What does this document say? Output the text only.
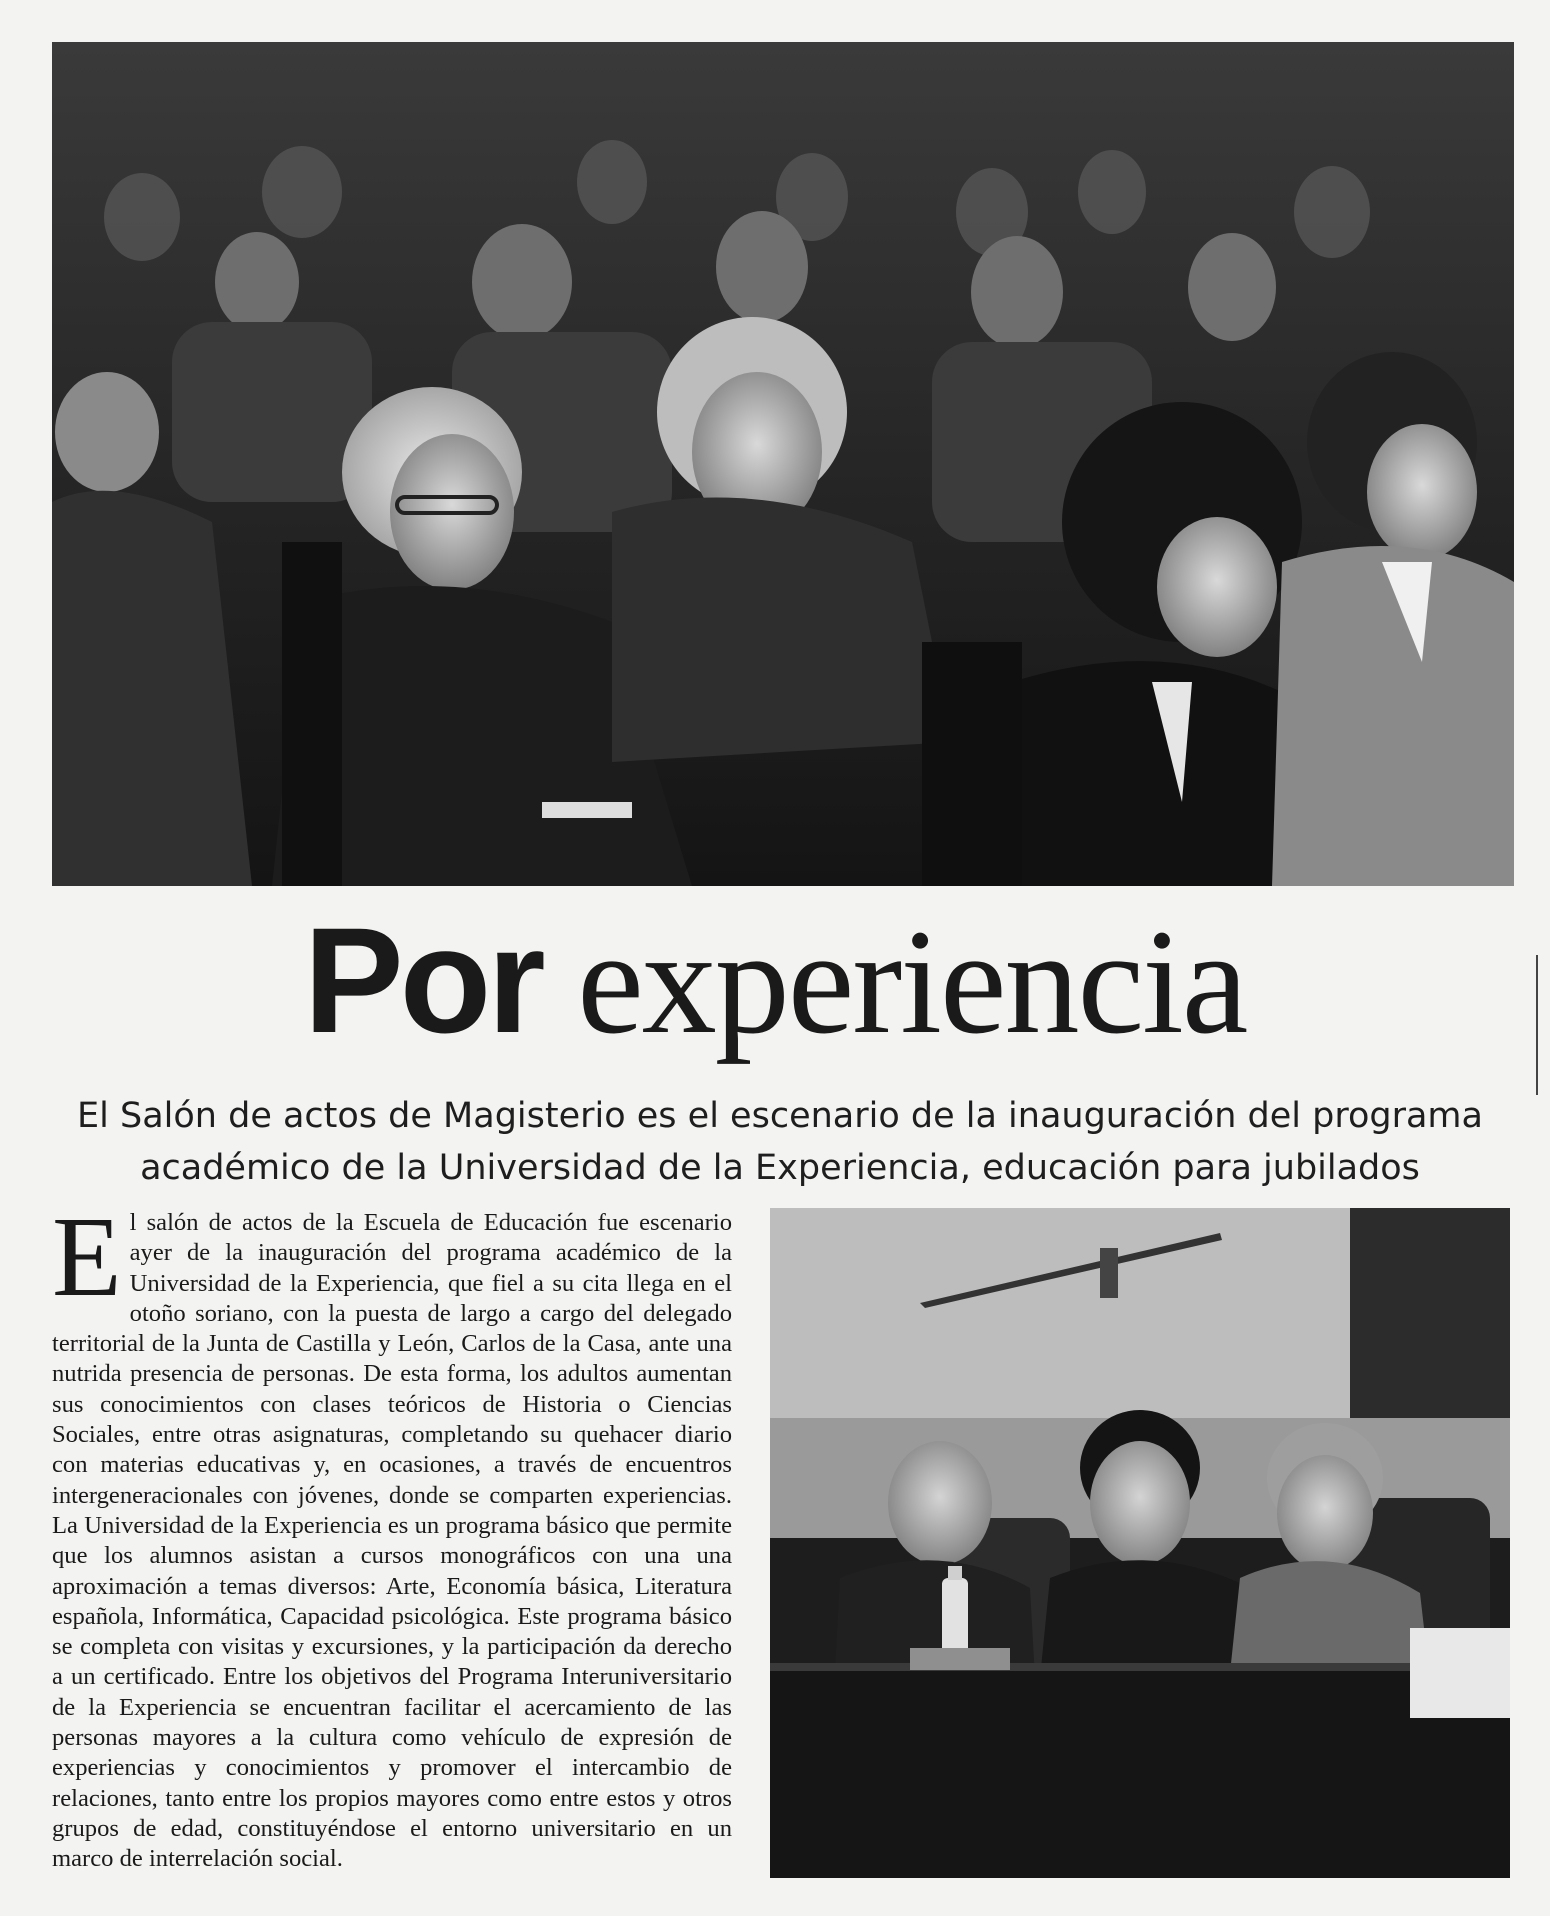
Por experiencia
El Salón de actos de Magisterio es el escenario de la inauguración del programa académico de la Universidad de la Experiencia, educación para jubilados
E l salón de actos de la Escuela de Educación fue escenario ayer de la inauguración del programa académico de la Universidad de la Experiencia, que fiel a su cita llega en el otoño soriano, con la puesta de largo a cargo del delegado territorial de la Junta de Castilla y León, Carlos de la Casa, ante una nutrida presencia de personas. De esta forma, los adultos aumentan sus conocimientos con clases teóricos de Historia o Ciencias Sociales, entre otras asignaturas, completando su quehacer diario con materias educativas y, en ocasiones, a través de encuentros intergeneracionales con jóvenes, donde se comparten experiencias. La Universidad de la Experiencia es un programa básico que permite que los alumnos asistan a cursos monográficos con una una aproximación a temas diversos: Arte, Economía básica, Literatura española, Informática, Capacidad psicológica. Este programa básico se completa con visitas y excursiones, y la participación da derecho a un certificado. Entre los objetivos del Programa Interuniversitario de la Experiencia se encuentran facilitar el acercamiento de las personas mayores a la cultura como vehículo de expresión de experiencias y conocimientos y promover el intercambio de relaciones, tanto entre los propios mayores como entre estos y otros grupos de edad, constituyéndose el entorno universitario en un marco de interrelación social.
